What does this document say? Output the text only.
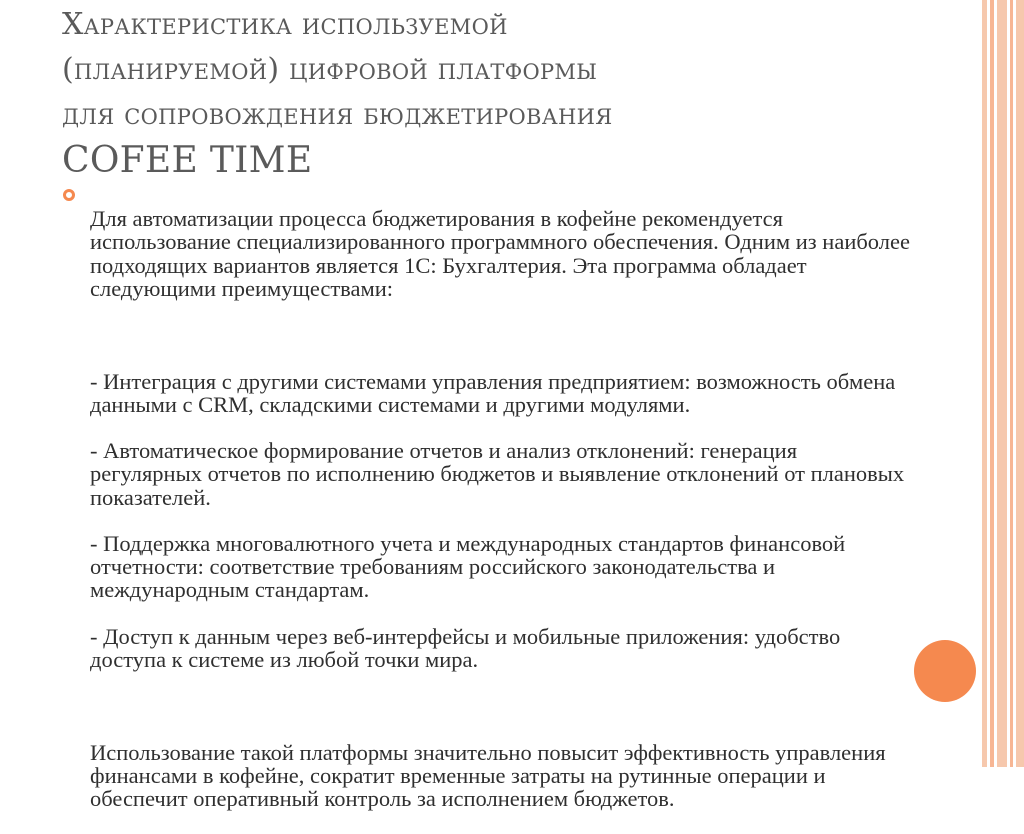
Характеристика используемой
(планируемой) цифровой платформы
для сопровождения бюджетирования
COFEE TIME

Для автоматизации процесса бюджетирования в кофейне рекомендуется использование специализированного программного обеспечения. Одним из наиболее подходящих вариантов является 1С: Бухгалтерия. Эта программа обладает следующими преимуществами:

- Интеграция с другими системами управления предприятием: возможность обмена данными с CRM, складскими системами и другими модулями.

- Автоматическое формирование отчетов и анализ отклонений: генерация регулярных отчетов по исполнению бюджетов и выявление отклонений от плановых показателей.

- Поддержка многовалютного учета и международных стандартов финансовой отчетности: соответствие требованиям российского законодательства и международным стандартам.

- Доступ к данным через веб-интерфейсы и мобильные приложения: удобство доступа к системе из любой точки мира.

Использование такой платформы значительно повысит эффективность управления финансами в кофейне, сократит временные затраты на рутинные операции и обеспечит оперативный контроль за исполнением бюджетов.
